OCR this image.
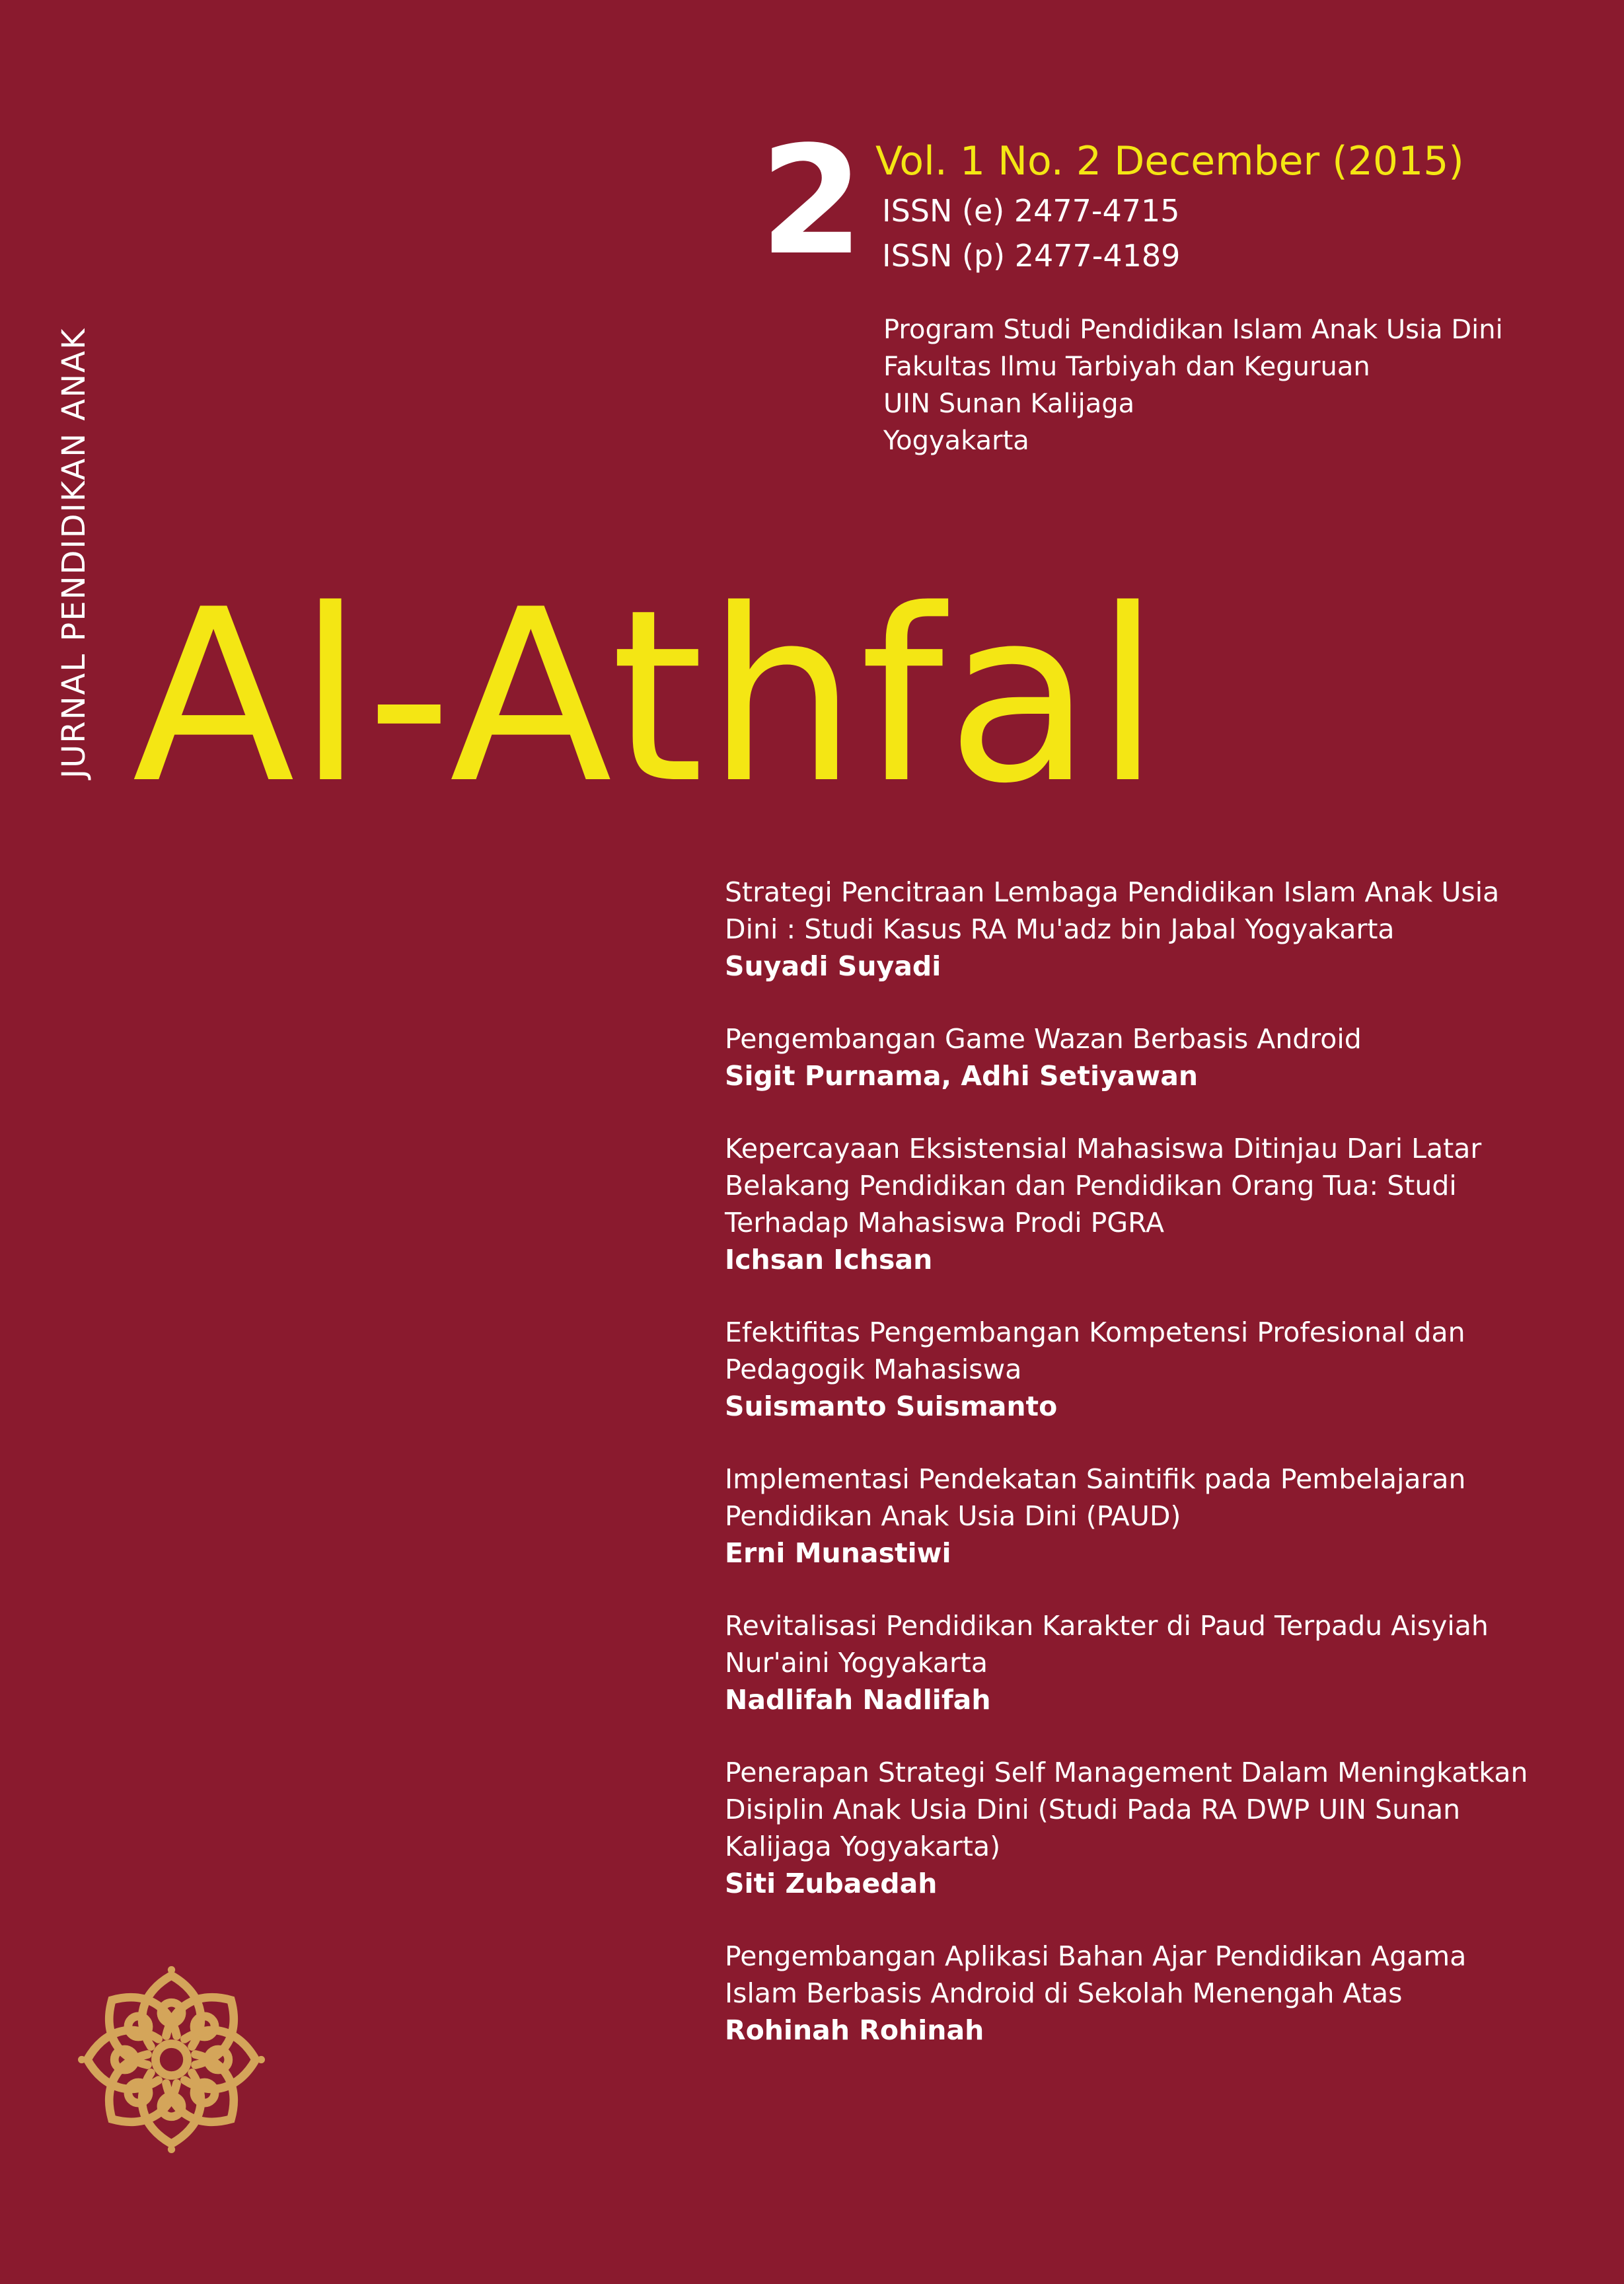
JURNAL PENDIDIKAN ANAK
2 Vol. 1 No. 2 December (2015)
ISSN (e) 2477-4715
ISSN (p) 2477-4189
Program Studi Pendidikan Islam Anak Usia Dini
Fakultas Ilmu Tarbiyah dan Keguruan
UIN Sunan Kalijaga
Yogyakarta
Al-Athfal
Strategi Pencitraan Lembaga Pendidikan Islam Anak Usia
Dini : Studi Kasus RA Mu'adz bin Jabal Yogyakarta
Suyadi Suyadi
Pengembangan Game Wazan Berbasis Android
Sigit Purnama, Adhi Setiyawan
Kepercayaan Eksistensial Mahasiswa Ditinjau Dari Latar
Belakang Pendidikan dan Pendidikan Orang Tua: Studi
Terhadap Mahasiswa Prodi PGRA
Ichsan Ichsan
Efektifitas Pengembangan Kompetensi Profesional dan
Pedagogik Mahasiswa
Suismanto Suismanto
Implementasi Pendekatan Saintifik pada Pembelajaran
Pendidikan Anak Usia Dini (PAUD)
Erni Munastiwi
Revitalisasi Pendidikan Karakter di Paud Terpadu Aisyiah
Nur'aini Yogyakarta
Nadlifah Nadlifah
Penerapan Strategi Self Management Dalam Meningkatkan
Disiplin Anak Usia Dini (Studi Pada RA DWP UIN Sunan
Kalijaga Yogyakarta)
Siti Zubaedah
Pengembangan Aplikasi Bahan Ajar Pendidikan Agama
Islam Berbasis Android di Sekolah Menengah Atas
Rohinah Rohinah
